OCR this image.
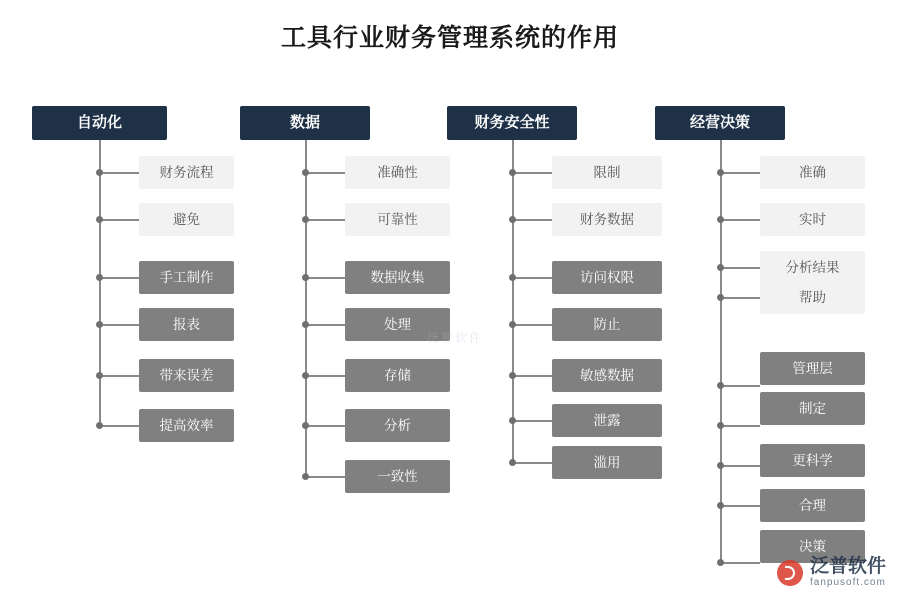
工具行业财务管理系统的作用
自动化
财务流程
避免
手工制作
报表
带来误差
提高效率
数据
准确性
可靠性
数据收集
处理
存储
分析
一致性
财务安全性
限制
财务数据
访问权限
防止
敏感数据
泄露
滥用
经营决策
准确
实时
分析结果
帮助
管理层
制定
更科学
合理
决策
泛普软件
泛普软件
fanpusoft.com
